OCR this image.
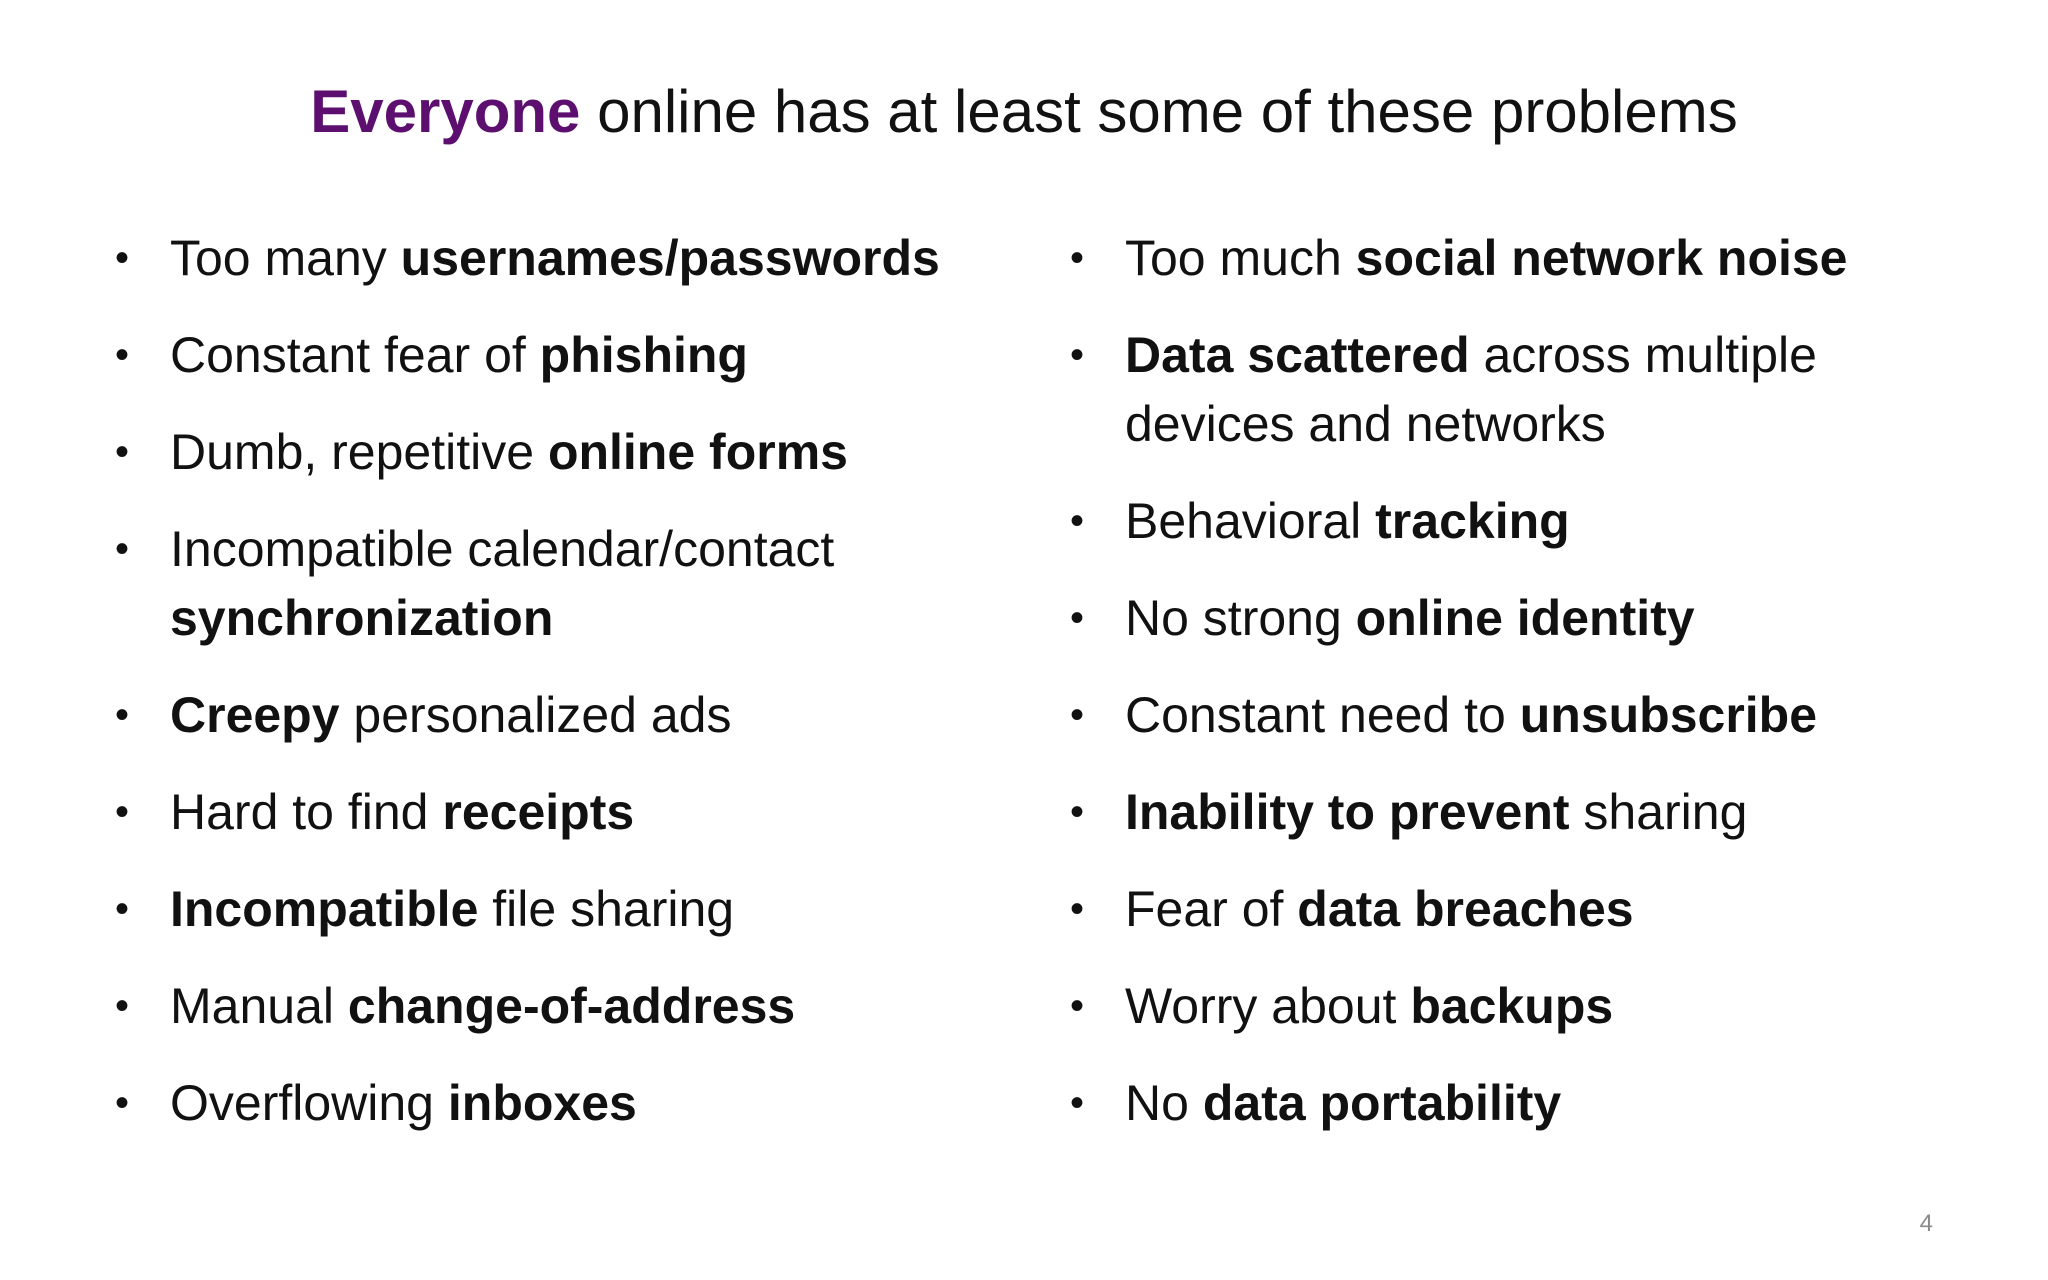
Everyone online has at least some of these problems
• Too many usernames/passwords
• Constant fear of phishing
• Dumb, repetitive online forms
• Incompatible calendar/contact synchronization
• Creepy personalized ads
• Hard to find receipts
• Incompatible file sharing
• Manual change-of-address
• Overflowing inboxes
• Too much social network noise
• Data scattered across multiple devices and networks
• Behavioral tracking
• No strong online identity
• Constant need to unsubscribe
• Inability to prevent sharing
• Fear of data breaches
• Worry about backups
• No data portability
4
